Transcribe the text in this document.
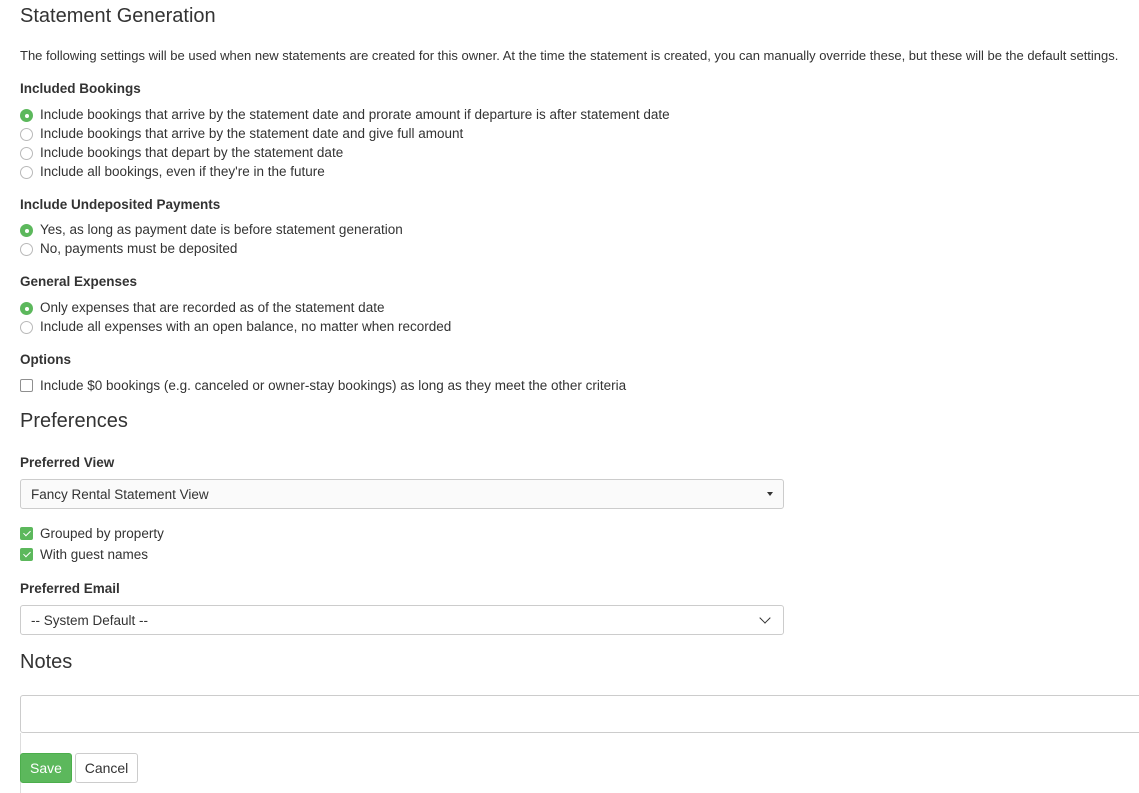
Statement Generation
The following settings will be used when new statements are created for this owner. At the time the statement is created, you can manually override these, but these will be the default settings.
Included Bookings
Include bookings that arrive by the statement date and prorate amount if departure is after statement date
Include bookings that arrive by the statement date and give full amount
Include bookings that depart by the statement date
Include all bookings, even if they're in the future
Include Undeposited Payments
Yes, as long as payment date is before statement generation
No, payments must be deposited
General Expenses
Only expenses that are recorded as of the statement date
Include all expenses with an open balance, no matter when recorded
Options
Include $0 bookings (e.g. canceled or owner-stay bookings) as long as they meet the other criteria
Preferences
Preferred View
Fancy Rental Statement View
Grouped by property
With guest names
Preferred Email
-- System Default --
Notes
Save	Cancel
